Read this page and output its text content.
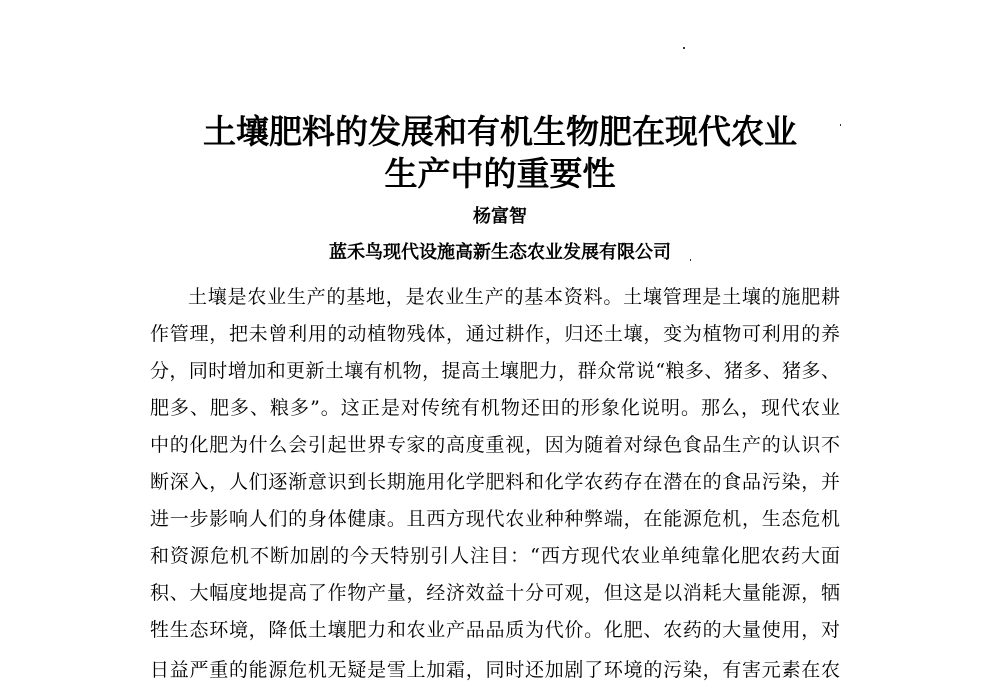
土壤肥料的发展和有机生物肥在现代农业
生产中的重要性
杨富智
蓝禾鸟现代设施高新生态农业发展有限公司
土壤是农业生产的基地，是农业生产的基本资料。土壤管理是土壤的施肥耕
作管理，把未曾利用的动植物残体，通过耕作，归还土壤，变为植物可利用的养
分，同时增加和更新土壤有机物，提高土壤肥力，群众常说“粮多、猪多、猪多、
肥多、肥多、粮多”。这正是对传统有机物还田的形象化说明。那么，现代农业
中的化肥为什么会引起世界专家的高度重视，因为随着对绿色食品生产的认识不
断深入，人们逐渐意识到长期施用化学肥料和化学农药存在潜在的食品污染，并
进一步影响人们的身体健康。且西方现代农业种种弊端，在能源危机，生态危机
和资源危机不断加剧的今天特别引人注目：“西方现代农业单纯靠化肥农药大面
积、大幅度地提高了作物产量，经济效益十分可观，但这是以消耗大量能源，牺
牲生态环境，降低土壤肥力和农业产品品质为代价。化肥、农药的大量使用，对
日益严重的能源危机无疑是雪上加霜，同时还加剧了环境的污染，有害元素在农
